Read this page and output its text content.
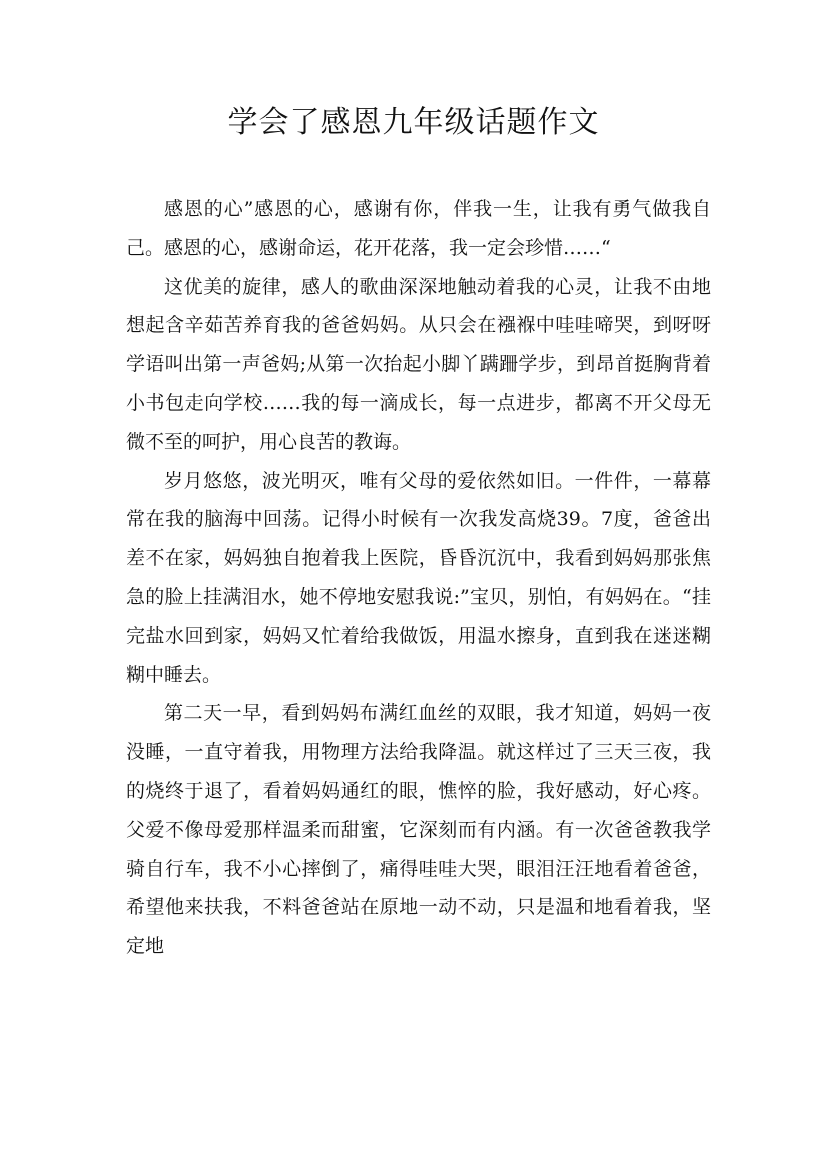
学会了感恩九年级话题作文

感恩的心”感恩的心，感谢有你，伴我一生，让我有勇气做我自己。感恩的心，感谢命运，花开花落，我一定会珍惜……“

这优美的旋律，感人的歌曲深深地触动着我的心灵，让我不由地想起含辛茹苦养育我的爸爸妈妈。从只会在襁褓中哇哇啼哭，到呀呀学语叫出第一声爸妈;从第一次抬起小脚丫蹒跚学步，到昂首挺胸背着小书包走向学校……我的每一滴成长，每一点进步，都离不开父母无微不至的呵护，用心良苦的教诲。

岁月悠悠，波光明灭，唯有父母的爱依然如旧。一件件，一幕幕常在我的脑海中回荡。记得小时候有一次我发高烧39。7度，爸爸出差不在家，妈妈独自抱着我上医院，昏昏沉沉中，我看到妈妈那张焦急的脸上挂满泪水，她不停地安慰我说:”宝贝，别怕，有妈妈在。“挂完盐水回到家，妈妈又忙着给我做饭，用温水擦身，直到我在迷迷糊糊中睡去。

第二天一早，看到妈妈布满红血丝的双眼，我才知道，妈妈一夜没睡，一直守着我，用物理方法给我降温。就这样过了三天三夜，我的烧终于退了，看着妈妈通红的眼，憔悴的脸，我好感动，好心疼。父爱不像母爱那样温柔而甜蜜，它深刻而有内涵。有一次爸爸教我学骑自行车，我不小心摔倒了，痛得哇哇大哭，眼泪汪汪地看着爸爸，希望他来扶我，不料爸爸站在原地一动不动，只是温和地看着我，坚定地
